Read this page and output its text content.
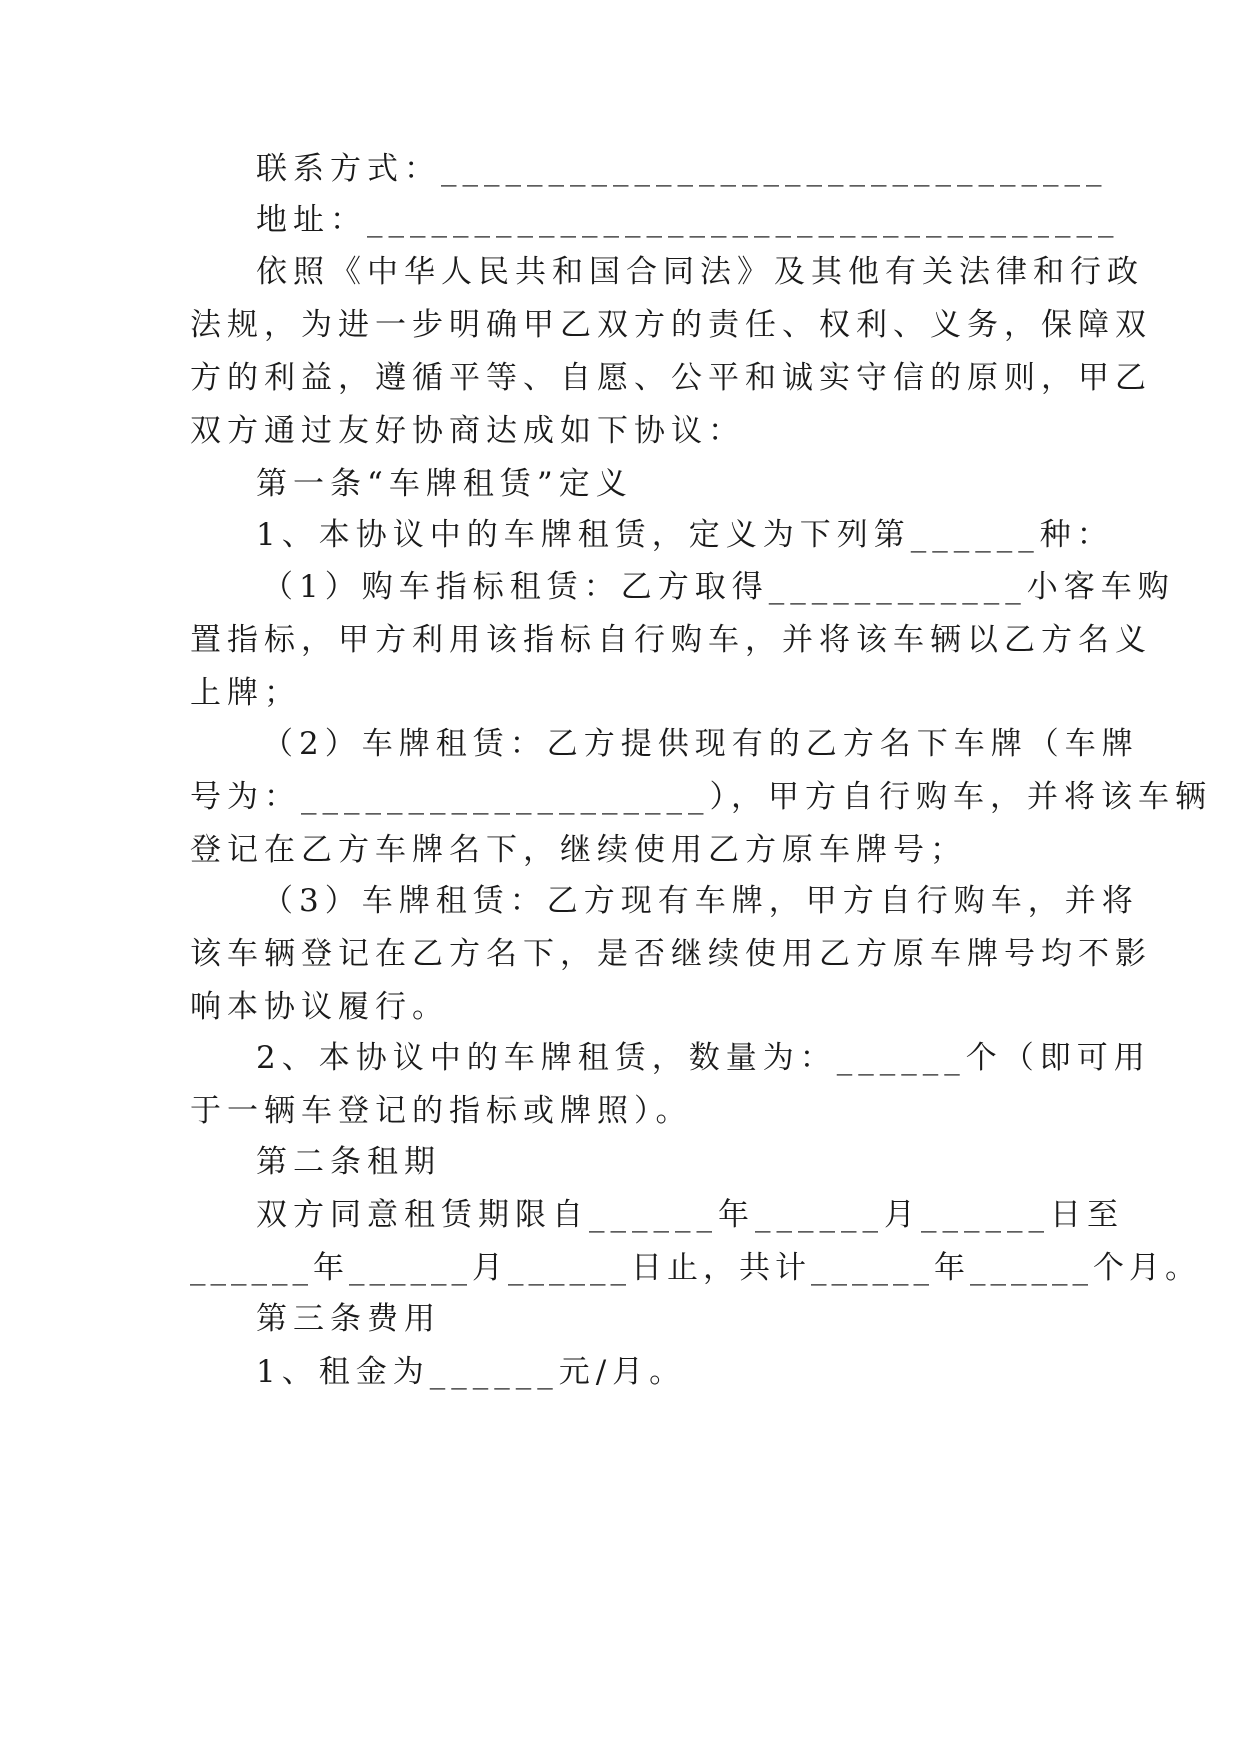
联系方式：_______________________________
地址：___________________________________
依照《中华人民共和国合同法》及其他有关法律和行政
法规，为进一步明确甲乙双方的责任、权利、义务，保障双
方的利益，遵循平等、自愿、公平和诚实守信的原则，甲乙
双方通过友好协商达成如下协议：
第一条“车牌租赁”定义
1、本协议中的车牌租赁，定义为下列第______种：
（1）购车指标租赁：乙方取得____________小客车购
置指标，甲方利用该指标自行购车，并将该车辆以乙方名义
上牌；
（2）车牌租赁：乙方提供现有的乙方名下车牌（车牌
号为：___________________），甲方自行购车，并将该车辆
登记在乙方车牌名下，继续使用乙方原车牌号；
（3）车牌租赁：乙方现有车牌，甲方自行购车，并将
该车辆登记在乙方名下，是否继续使用乙方原车牌号均不影
响本协议履行。
2、本协议中的车牌租赁，数量为：______个（即可用
于一辆车登记的指标或牌照）。
第二条租期
双方同意租赁期限自______年______月______日至
______年______月______日止，共计______年______个月。
第三条费用
1、租金为______元/月。
